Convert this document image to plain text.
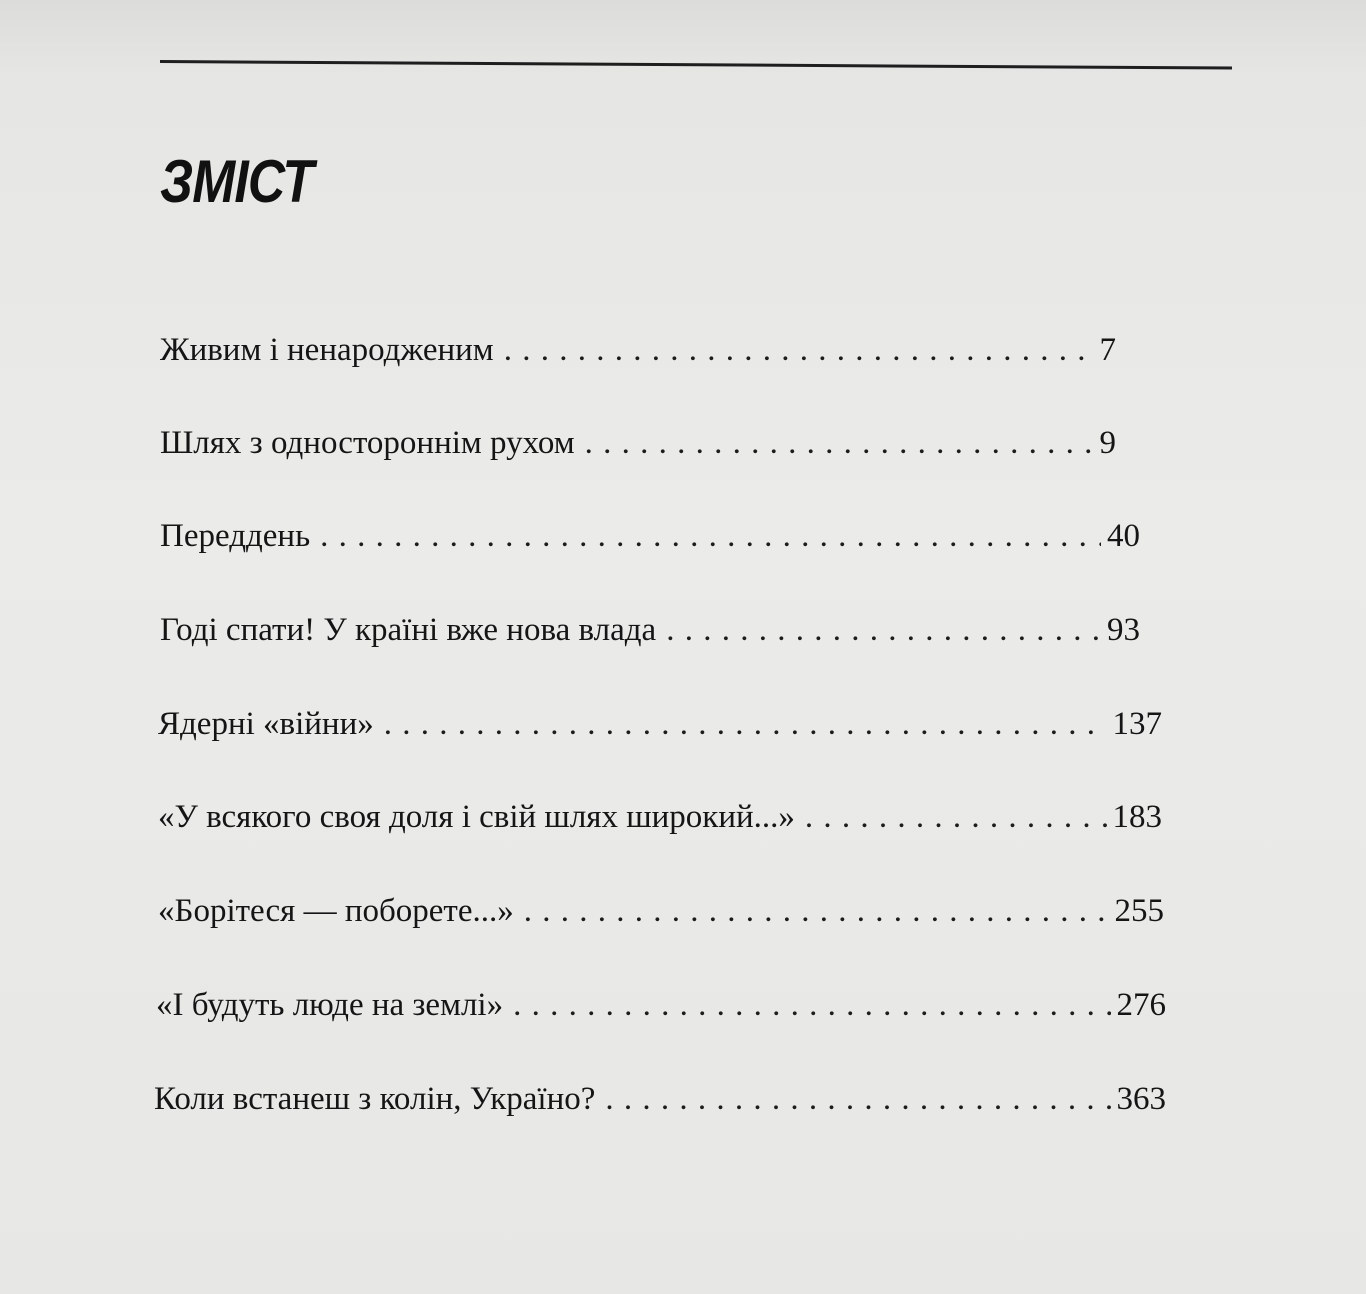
ЗМІСТ
Живим і ненародженим . . .	7
Шлях з одностороннім рухом . . .	9
Переддень . . .	40
Годі спати! У країні вже нова влада . . .	93
Ядерні «війни» . . .	137
«У всякого своя доля і свій шлях широкий...» . . .	183
«Борітеся — поборете...» . . .	255
«І будуть люде на землі» . . .	276
Коли встанеш з колін, Україно? . . .	363
